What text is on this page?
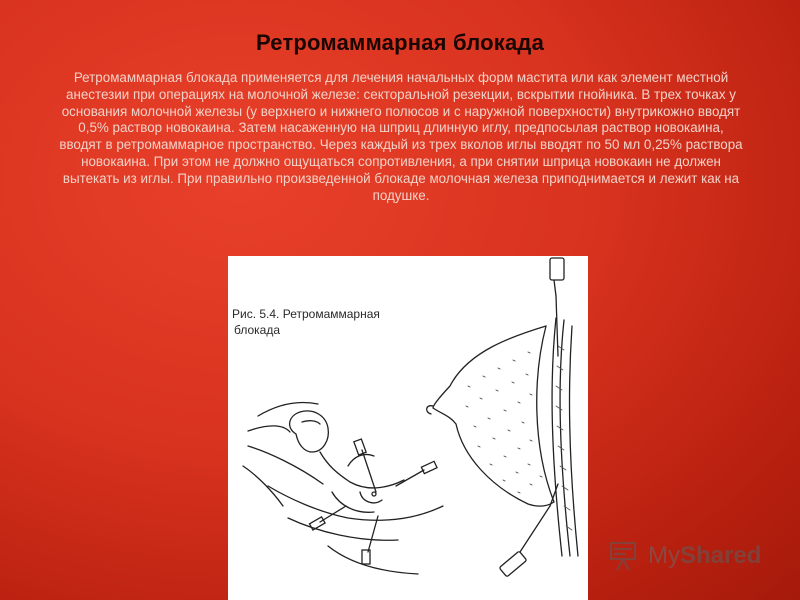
Ретромаммарная блокада
Ретромаммарная блокада применяется для лечения начальных форм мастита или как элемент местной анестезии при операциях на молочной железе: секторальной резекции, вскрытии гнойника. В трех точках у основания молочной железы (у верхнего и нижнего полюсов и с наружной поверхности) внутрикожно вводят 0,5% раствор новокаина. Затем насаженную на шприц длинную иглу, предпосылая раствор новокаина, вводят в ретромаммарное пространство. Через каждый из трех вколов иглы вводят по 50 мл 0,25% раствора новокаина. При этом не должно ощущаться сопротивления, а при снятии шприца новокаин не должен вытекать из иглы. При правильно произведенной блокаде молочная железа приподнимается и лежит как на подушке.
Рис. 5.4. Ретромаммарная
блокада
MyShared
